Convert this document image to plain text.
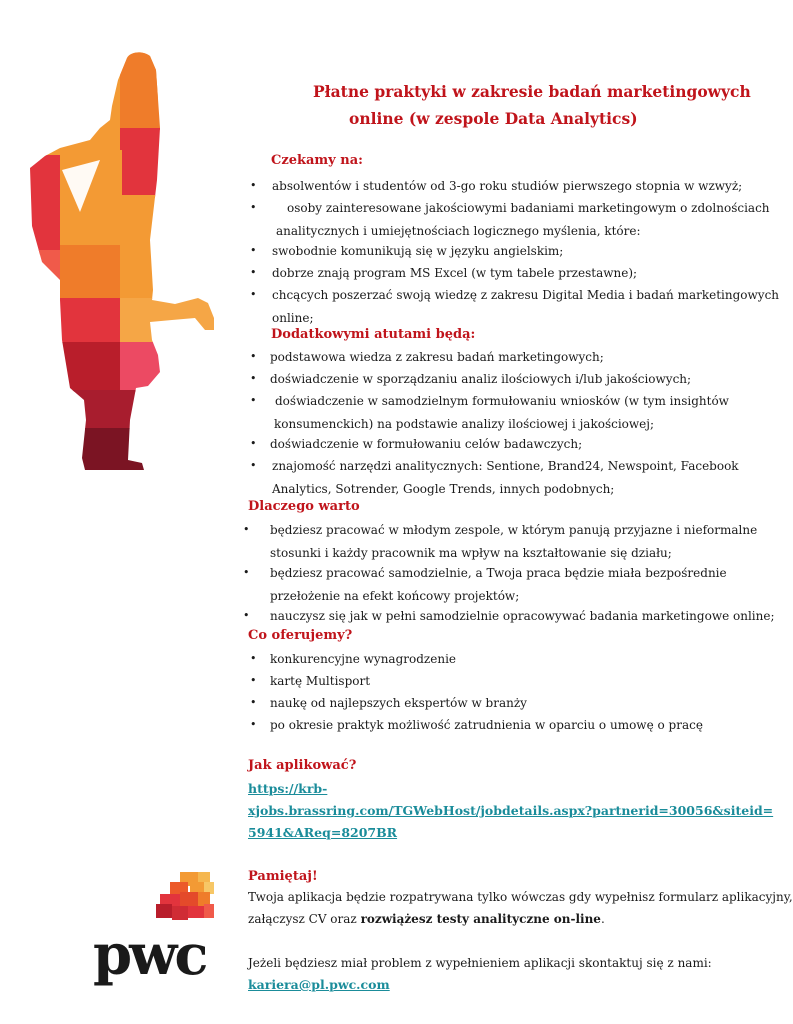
Płatne praktyki w zakresie badań marketingowych
online (w zespole Data Analytics)
Czekamy na:
• absolwentów i studentów od 3-go roku studiów pierwszego stopnia w wzwyż;
•	osoby zainteresowane jakościowymi badaniami marketingowym o zdolnościach
analitycznych i umiejętnościach logicznego myślenia, które:
• swobodnie komunikują się w języku angielskim;
• dobrze znają program MS Excel (w tym tabele przestawne);
• chcących poszerzać swoją wiedzę z zakresu Digital Media i badań marketingowych
online;
Dodatkowymi atutami będą:
• podstawowa wiedza z zakresu badań marketingowych;
• doświadczenie w sporządzaniu analiz ilościowych i/lub jakościowych;
• doświadczenie w samodzielnym formułowaniu wniosków (w tym insightów
konsumenckich) na podstawie analizy ilościowej i jakościowej;
• doświadczenie w formułowaniu celów badawczych;
• znajomość narzędzi analitycznych: Sentione, Brand24, Newspoint, Facebook
Analytics, Sotrender, Google Trends, innych podobnych;
Dlaczego warto
• będziesz pracować w młodym zespole, w którym panują przyjazne i nieformalne
stosunki i każdy pracownik ma wpływ na kształtowanie się działu;
• będziesz pracować samodzielnie, a Twoja praca będzie miała bezpośrednie
przełożenie na efekt końcowy projektów;
• nauczysz się jak w pełni samodzielnie opracowywać badania marketingowe online;
Co oferujemy?
• konkurencyjne wynagrodzenie
• kartę Multisport
• naukę od najlepszych ekspertów w branży
• po okresie praktyk możliwość zatrudnienia w oparciu o umowę o pracę
Jak aplikować?
https://krb-
xjobs.brassring.com/TGWebHost/jobdetails.aspx?partnerid=30056&siteid=
5941&AReq=8207BR
Pamiętaj!
Twoja aplikacja będzie rozpatrywana tylko wówczas gdy wypełnisz formularz aplikacyjny,
załączysz CV oraz rozwiążesz testy analityczne on-line.
Jeżeli będziesz miał problem z wypełnieniem aplikacji skontaktuj się z nami:
kariera@pl.pwc.com
pwc
